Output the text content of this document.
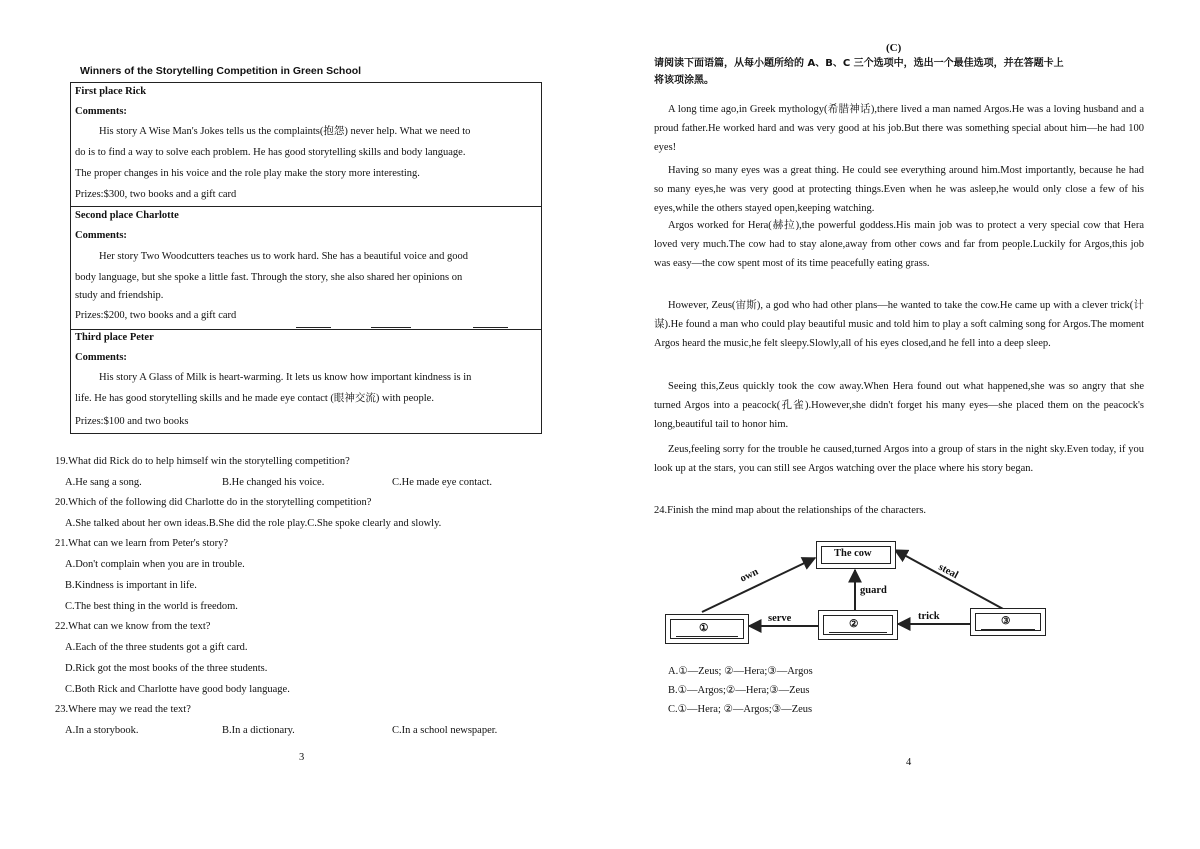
Winners of the Storytelling Competition in Green School
First place Rick
Comments:
His story A Wise Man's Jokes tells us the complaints(抱怨) never help. What we need to
do is to find a way to solve each problem. He has good storytelling skills and body language.
The proper changes in his voice and the role play make the story more interesting.
Prizes:$300, two books and a gift card
Second place Charlotte
Comments:
Her story Two Woodcutters teaches us to work hard. She has a beautiful voice and good
body language, but she spoke a little fast. Through the story, she also shared her opinions on
study and friendship.
Prizes:$200, two books and a gift card
Third place Peter
Comments:
His story A Glass of Milk is heart-warming. It lets us know how important kindness is in
life. He has good storytelling skills and he made eye contact (眼神交流) with people.
Prizes:$100 and two books
19.What did Rick do to help himself win the storytelling competition?
A.He sang a song.	B.He changed his voice.	C.He made eye contact.
20.Which of the following did Charlotte do in the storytelling competition?
A.She talked about her own ideas.B.She did the role play.C.She spoke clearly and slowly.
21.What can we learn from Peter's story?
A.Don't complain when you are in trouble.
B.Kindness is important in life.
C.The best thing in the world is freedom.
22.What can we know from the text?
A.Each of the three students got a gift card.
D.Rick got the most books of the three students.
C.Both Rick and Charlotte have good body language.
23.Where may we read the text?
A.In a storybook.	B.In a dictionary.	C.In a school newspaper.
3
(C)
请阅读下面语篇，从每小题所给的 A、B、C 三个选项中，选出一个最佳选项，并在答题卡上
将该项涂黑。
A long time ago,in Greek mythology(希腊神话),there lived a man named Argos.He was a loving husband and a proud father.He worked hard and was very good at his job.But there was something special about him—he had 100 eyes!
Having so many eyes was a great thing. He could see everything around him.Most importantly, because he had so many eyes,he was very good at protecting things.Even when he was asleep,he would only close a few of his eyes,while the others stayed open,keeping watching.
Argos worked for Hera(赫拉),the powerful goddess.His main job was to protect a very special cow that Hera loved very much.The cow had to stay alone,away from other cows and far from people.Luckily for Argos,this job was easy—the cow spent most of its time peacefully eating grass.
However, Zeus(宙斯), a god who had other plans—he wanted to take the cow.He came up with a clever trick(计谋).He found a man who could play beautiful music and told him to play a soft calming song for Argos.The moment Argos heard the music,he felt sleepy.Slowly,all of his eyes closed,and he fell into a deep sleep.
Seeing this,Zeus quickly took the cow away.When Hera found out what happened,she was so angry that she turned Argos into a peacock(孔雀).However,she didn't forget his many eyes—she placed them on the peacock's long,beautiful tail to honor him.
Zeus,feeling sorry for the trouble he caused,turned Argos into a group of stars in the night sky.Even today, if you look up at the stars, you can still see Argos watching over the place where his story began.
24.Finish the mind map about the relationships of the characters.
The cow
①	②	③
own	steal
guard
serve	trick
A.①—Zeus; ②—Hera;③—Argos
B.①—Argos;②—Hera;③—Zeus
C.①—Hera; ②—Argos;③—Zeus
4
